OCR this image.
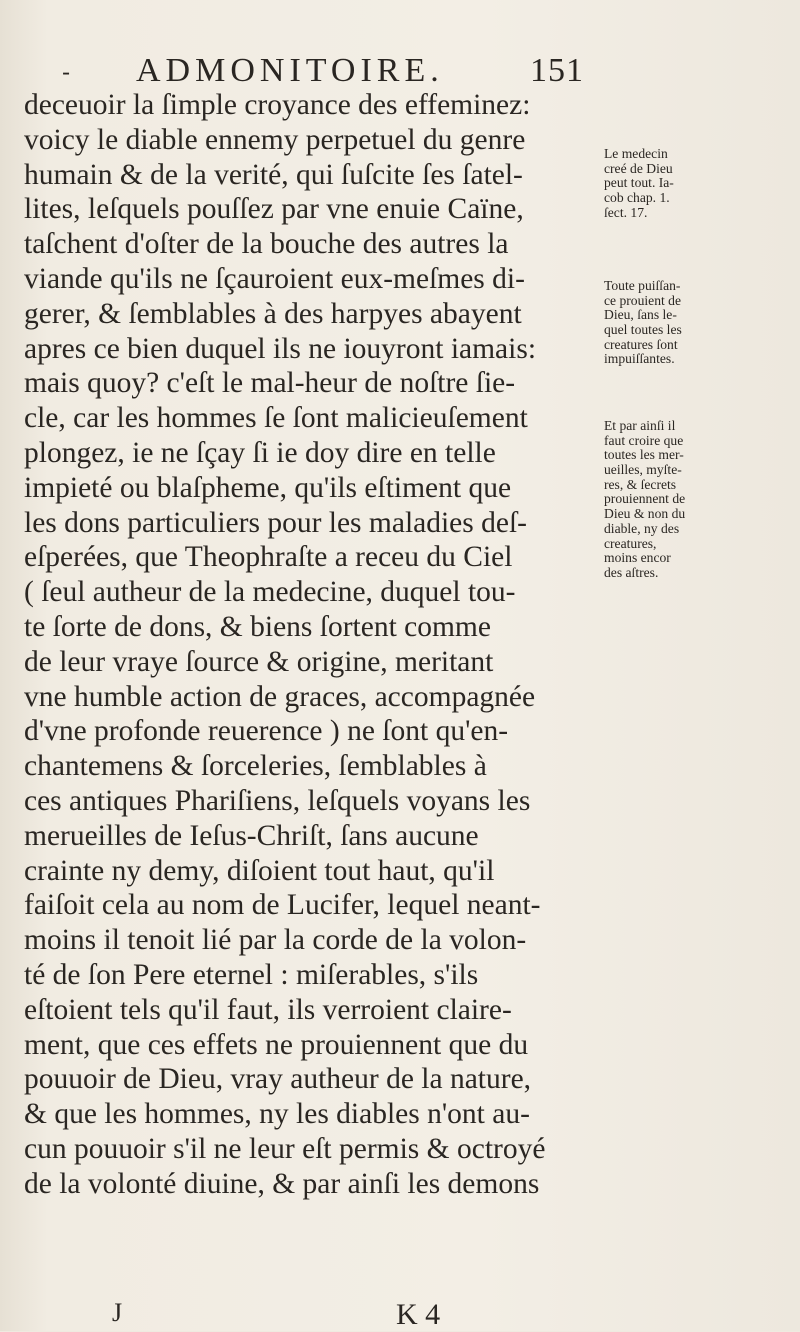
- ADMONITOIRE.	151
deceuoir la ſimple croyance des effeminez:
voicy le diable ennemy perpetuel du genre
humain & de la verité, qui ſuſcite ſes ſatel-
lites, leſquels pouſſez par vne enuie Caïne,
taſchent d'oſter de la bouche des autres la
viande qu'ils ne ſçauroient eux-meſmes di-
gerer, & ſemblables à des harpyes abayent
apres ce bien duquel ils ne iouyront iamais:
mais quoy? c'eſt le mal-heur de noſtre ſie-
cle, car les hommes ſe ſont malicieuſement
plongez, ie ne ſçay ſi ie doy dire en telle
impieté ou blaſpheme, qu'ils eſtiment que
les dons particuliers pour les maladies deſ-
eſperées, que Theophraſte a receu du Ciel
( ſeul autheur de la medecine, duquel tou-
te ſorte de dons, & biens ſortent comme
de leur vraye ſource & origine, meritant
vne humble action de graces, accompagnée
d'vne profonde reuerence ) ne ſont qu'en-
chantemens & ſorceleries, ſemblables à
ces antiques Phariſiens, leſquels voyans les
merueilles de Ieſus-Chriſt, ſans aucune
crainte ny demy, diſoient tout haut, qu'il
faiſoit cela au nom de Lucifer, lequel neant-
moins il tenoit lié par la corde de la volon-
té de ſon Pere eternel : miſerables, s'ils
eſtoient tels qu'il faut, ils verroient claire-
ment, que ces effets ne prouiennent que du
pouuoir de Dieu, vray autheur de la nature,
& que les hommes, ny les diables n'ont au-
cun pouuoir s'il ne leur eſt permis & octroyé
de la volonté diuine, & par ainſi les demons
Le medecin
creé de Dieu
peut tout. Ia-
cob chap. 1.
ſect. 17.
Toute puiſſan-
ce prouient de
Dieu, ſans le-
quel toutes les
creatures ſont
impuiſſantes.
Et par ainſi il
faut croire que
toutes les mer-
ueilles, myſte-
res, & ſecrets
prouiennent de
Dieu & non du
diable, ny des
creatures,
moins encor
des aſtres.
J	K 4
